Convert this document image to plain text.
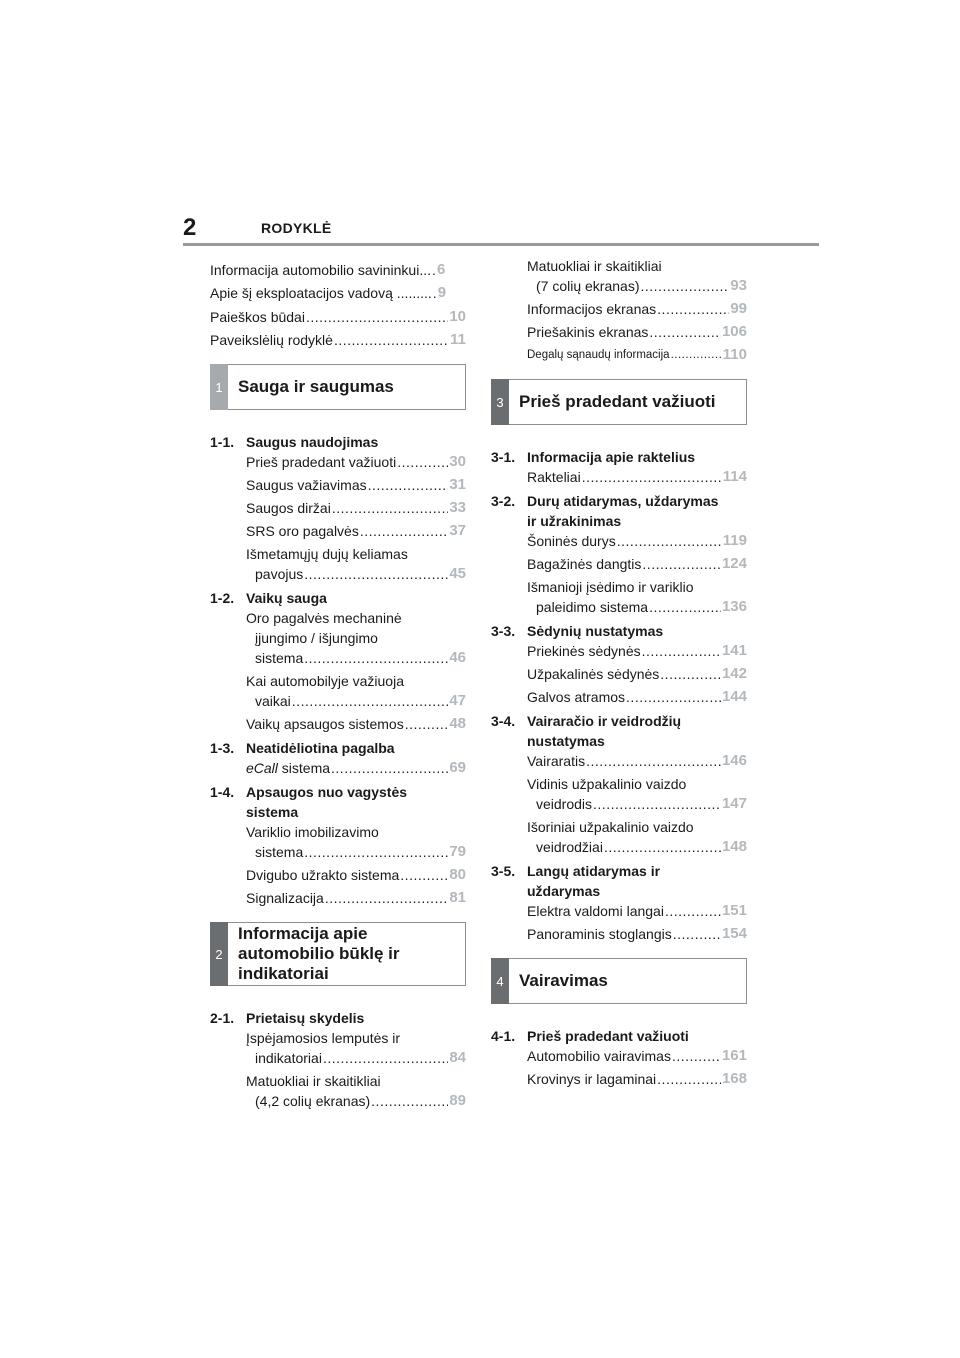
2	RODYKLĖ
Informacija automobilio savininkui... ..... 6
Apie šį eksploatacijos vadovą ......... ..... 9
Paieškos būdai .....	10
Paveikslėlių rodyklė .....	11
1 Sauga ir saugumas
1-1. Saugus naudojimas
Prieš pradedant važiuoti .....	30
Saugus važiavimas .....	31
Saugos diržai .....	33
SRS oro pagalvės .....	37
Išmetamųjų dujų keliamas
pavojus .....	45
1-2. Vaikų sauga
Oro pagalvės mechaninė
įjungimo / išjungimo
sistema .....	46
Kai automobilyje važiuoja
vaikai .....	47
Vaikų apsaugos sistemos .....	48
1-3. Neatidėliotina pagalba
eCall sistema .....	69
1-4. Apsaugos nuo vagystės
sistema
Variklio imobilizavimo
sistema .....	79
Dvigubo užrakto sistema .....	80
Signalizacija .....	81
2
Informacija apie
automobilio būklę ir
indikatoriai
2-1. Prietaisų skydelis
Įspėjamosios lemputės ir
indikatoriai .....	84
Matuokliai ir skaitikliai
(4,2 colių ekranas) .....	89
Matuokliai ir skaitikliai
(7 colių ekranas) .....	93
Informacijos ekranas .....	99
Priešakinis ekranas .....	106
Degalų sąnaudų informacija .....	110
3 Prieš pradedant važiuoti
3-1. Informacija apie raktelius
Rakteliai .....	114
3-2. Durų atidarymas, uždarymas
ir užrakinimas
Šoninės durys .....	119
Bagažinės dangtis .....	124
Išmanioji įsėdimo ir variklio
paleidimo sistema .....	136
3-3. Sėdynių nustatymas
Priekinės sėdynės .....	141
Užpakalinės sėdynės .....	142
Galvos atramos .....	144
3-4. Vairaračio ir veidrodžių
nustatymas
Vairaratis .....	146
Vidinis užpakalinio vaizdo
veidrodis .....	147
Išoriniai užpakalinio vaizdo
veidrodžiai .....	148
3-5. Langų atidarymas ir
uždarymas
Elektra valdomi langai .....	151
Panoraminis stoglangis .....	154
4 Vairavimas
4-1. Prieš pradedant važiuoti
Automobilio vairavimas .....	161
Krovinys ir lagaminai .....	168
